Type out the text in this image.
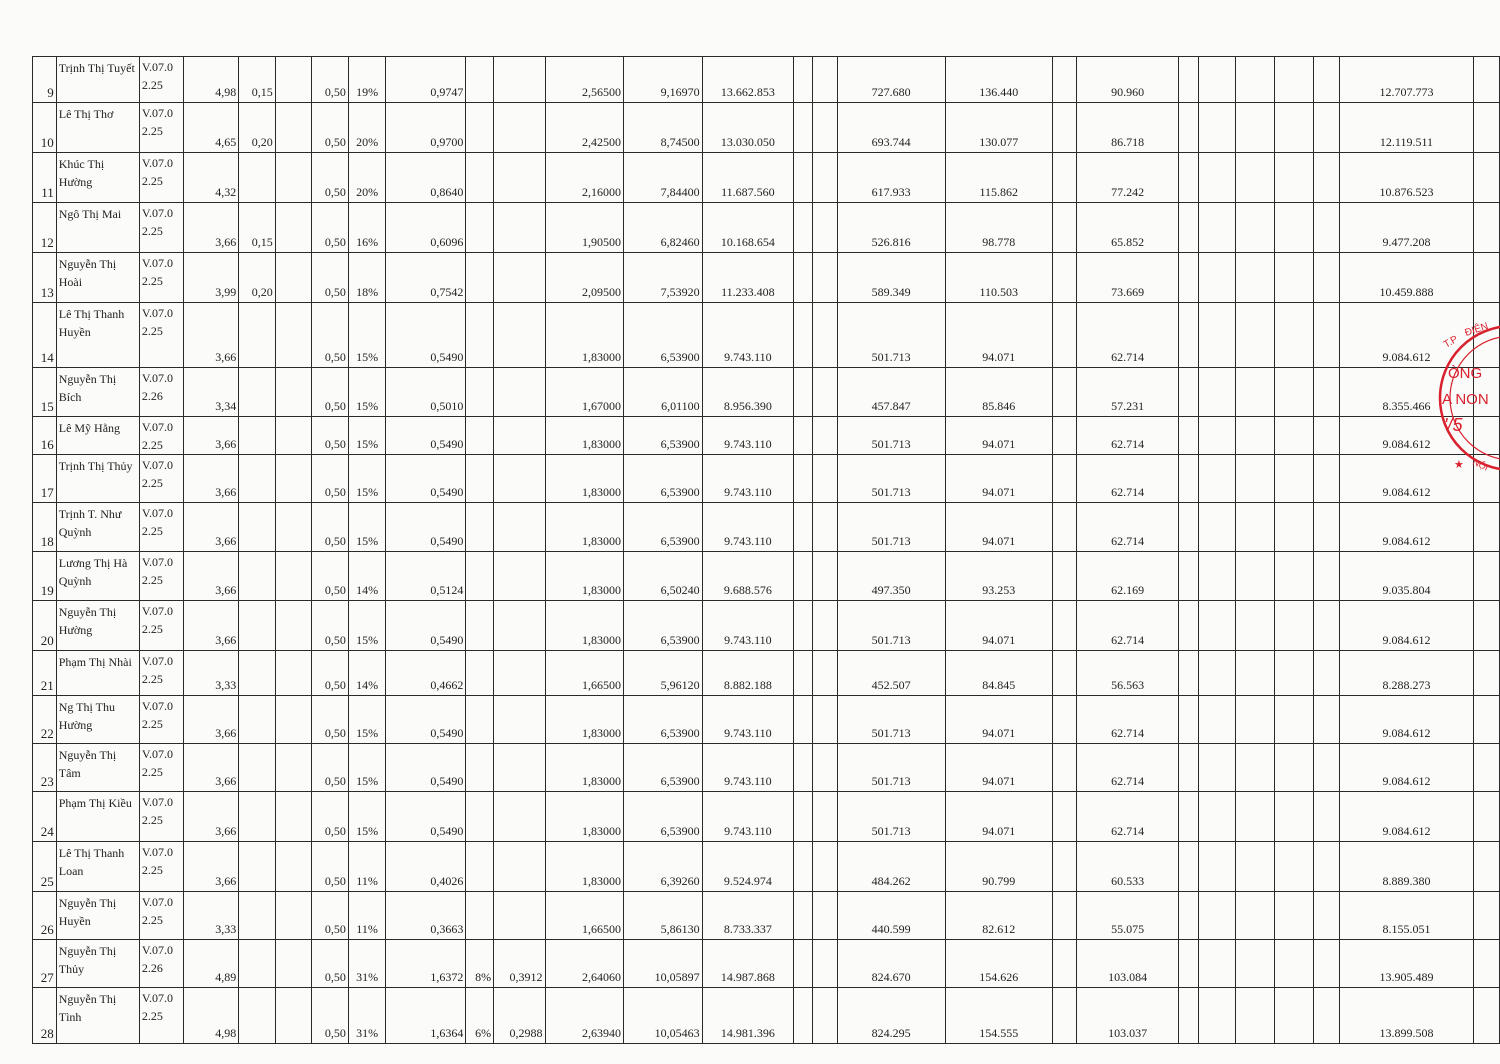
9	Trịnh Thị Tuyết	V.07.0 2.25	4,98	0,15		0,50	19%	0,9747			2,56500	9,16970	13.662.853			727.680	136.440		90.960						12.707.773	
10	Lê Thị Thơ	V.07.0 2.25	4,65	0,20		0,50	20%	0,9700			2,42500	8,74500	13.030.050			693.744	130.077		86.718						12.119.511	
11	Khúc Thị Hường	V.07.0 2.25	4,32			0,50	20%	0,8640			2,16000	7,84400	11.687.560			617.933	115.862		77.242						10.876.523	
12	Ngô Thị Mai	V.07.0 2.25	3,66	0,15		0,50	16%	0,6096			1,90500	6,82460	10.168.654			526.816	98.778		65.852						9.477.208	
13	Nguyễn Thị Hoài	V.07.0 2.25	3,99	0,20		0,50	18%	0,7542			2,09500	7,53920	11.233.408			589.349	110.503		73.669						10.459.888	
14	Lê Thị Thanh Huyền	V.07.0 2.25	3,66			0,50	15%	0,5490			1,83000	6,53900	9.743.110			501.713	94.071		62.714						9.084.612	
15	Nguyễn Thị Bích	V.07.0 2.26	3,34			0,50	15%	0,5010			1,67000	6,01100	8.956.390			457.847	85.846		57.231						8.355.466	
16	Lê Mỹ Hằng	V.07.0 2.25	3,66			0,50	15%	0,5490			1,83000	6,53900	9.743.110			501.713	94.071		62.714						9.084.612	
17	Trịnh Thị Thủy	V.07.0 2.25	3,66			0,50	15%	0,5490			1,83000	6,53900	9.743.110			501.713	94.071		62.714						9.084.612	
18	Trịnh T. Như Quỳnh	V.07.0 2.25	3,66			0,50	15%	0,5490			1,83000	6,53900	9.743.110			501.713	94.071		62.714						9.084.612	
19	Lương Thị Hà Quỳnh	V.07.0 2.25	3,66			0,50	14%	0,5124			1,83000	6,50240	9.688.576			497.350	93.253		62.169						9.035.804	
20	Nguyễn Thị Hường	V.07.0 2.25	3,66			0,50	15%	0,5490			1,83000	6,53900	9.743.110			501.713	94.071		62.714						9.084.612	
21	Phạm Thị Nhài	V.07.0 2.25	3,33			0,50	14%	0,4662			1,66500	5,96120	8.882.188			452.507	84.845		56.563						8.288.273	
22	Ng Thị Thu Hường	V.07.0 2.25	3,66			0,50	15%	0,5490			1,83000	6,53900	9.743.110			501.713	94.071		62.714						9.084.612	
23	Nguyễn Thị Tâm	V.07.0 2.25	3,66			0,50	15%	0,5490			1,83000	6,53900	9.743.110			501.713	94.071		62.714						9.084.612	
24	Phạm Thị Kiều	V.07.0 2.25	3,66			0,50	15%	0,5490			1,83000	6,53900	9.743.110			501.713	94.071		62.714						9.084.612	
25	Lê Thị Thanh Loan	V.07.0 2.25	3,66			0,50	11%	0,4026			1,83000	6,39260	9.524.974			484.262	90.799		60.533						8.889.380	
26	Nguyễn Thị Huyền	V.07.0 2.25	3,33			0,50	11%	0,3663			1,66500	5,86130	8.733.337			440.599	82.612		55.075						8.155.051	
27	Nguyễn Thị Thủy	V.07.0 2.26	4,89			0,50	31%	1,6372	8%	0,3912	2,64060	10,05897	14.987.868			824.670	154.626		103.084						13.905.489	
28	Nguyễn Thị Tình	V.07.0 2.25	4,98			0,50	31%	1,6364	6%	0,2988	2,63940	10,05463	14.981.396			824.295	154.555		103.037						13.899.508	
T.P
ĐIỆN
ÒNG
A NON
'/5
NỘI
★
